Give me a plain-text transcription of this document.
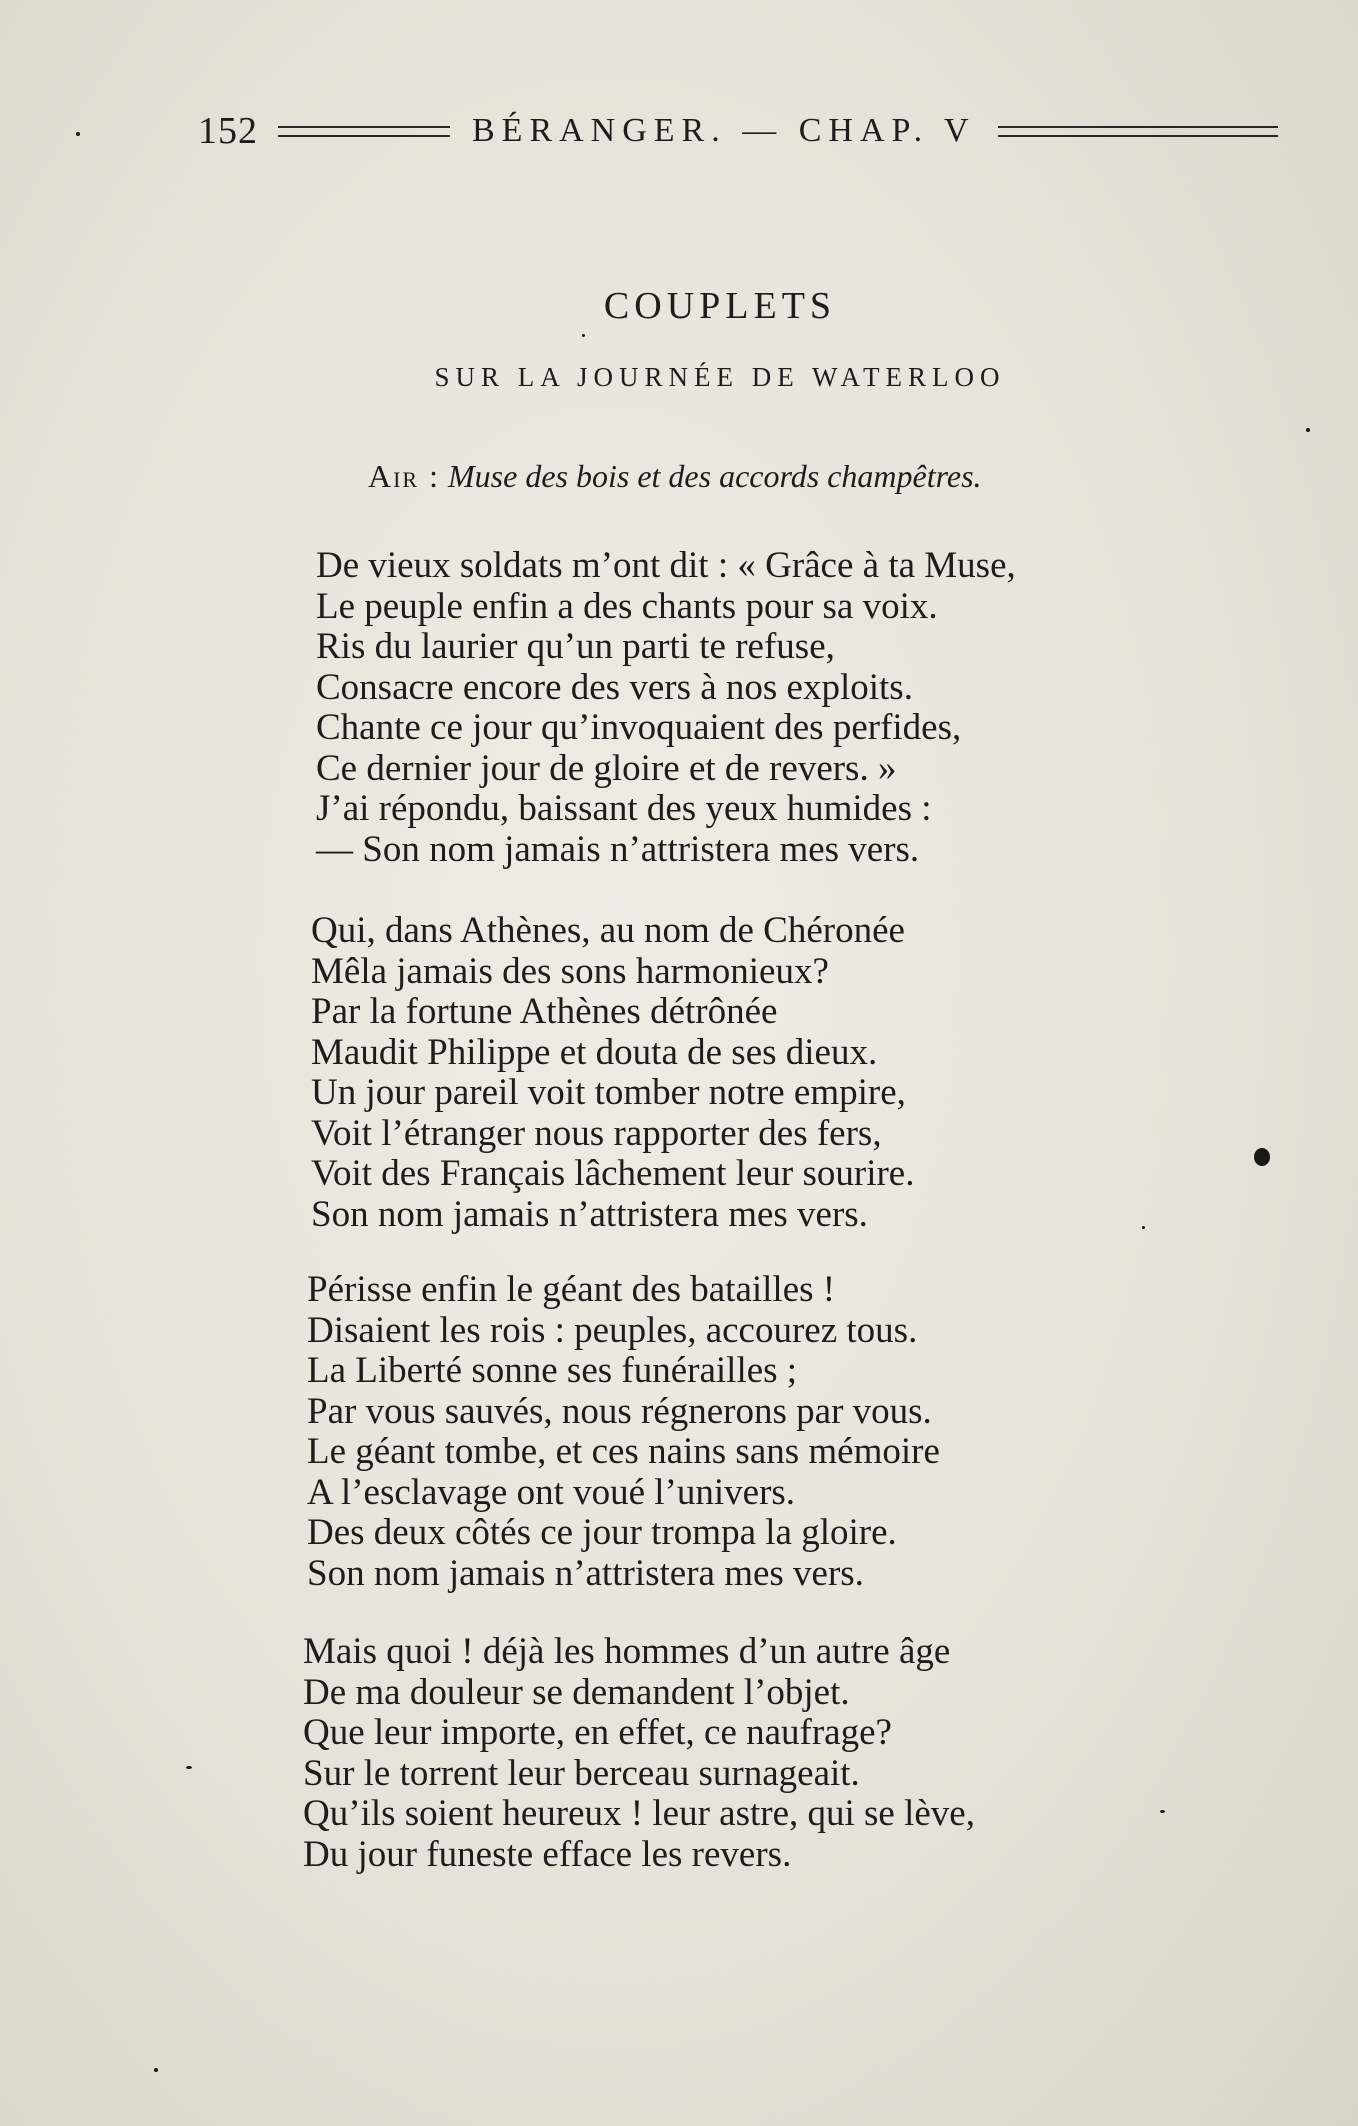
152	BÉRANGER. — CHAP. V
COUPLETS
SUR LA JOURNÉE DE WATERLOO
Air : Muse des bois et des accords champêtres.
De vieux soldats m’ont dit : « Grâce à ta Muse,
Le peuple enfin a des chants pour sa voix.
Ris du laurier qu’un parti te refuse,
Consacre encore des vers à nos exploits.
Chante ce jour qu’invoquaient des perfides,
Ce dernier jour de gloire et de revers. »
J’ai répondu, baissant des yeux humides :
— Son nom jamais n’attristera mes vers.
Qui, dans Athènes, au nom de Chéronée
Mêla jamais des sons harmonieux?
Par la fortune Athènes détrônée
Maudit Philippe et douta de ses dieux.
Un jour pareil voit tomber notre empire,
Voit l’étranger nous rapporter des fers,
Voit des Français lâchement leur sourire.
Son nom jamais n’attristera mes vers.
Périsse enfin le géant des batailles !
Disaient les rois : peuples, accourez tous.
La Liberté sonne ses funérailles ;
Par vous sauvés, nous régnerons par vous.
Le géant tombe, et ces nains sans mémoire
A l’esclavage ont voué l’univers.
Des deux côtés ce jour trompa la gloire.
Son nom jamais n’attristera mes vers.
Mais quoi ! déjà les hommes d’un autre âge
De ma douleur se demandent l’objet.
Que leur importe, en effet, ce naufrage?
Sur le torrent leur berceau surnageait.
Qu’ils soient heureux ! leur astre, qui se lève,
Du jour funeste efface les revers.
